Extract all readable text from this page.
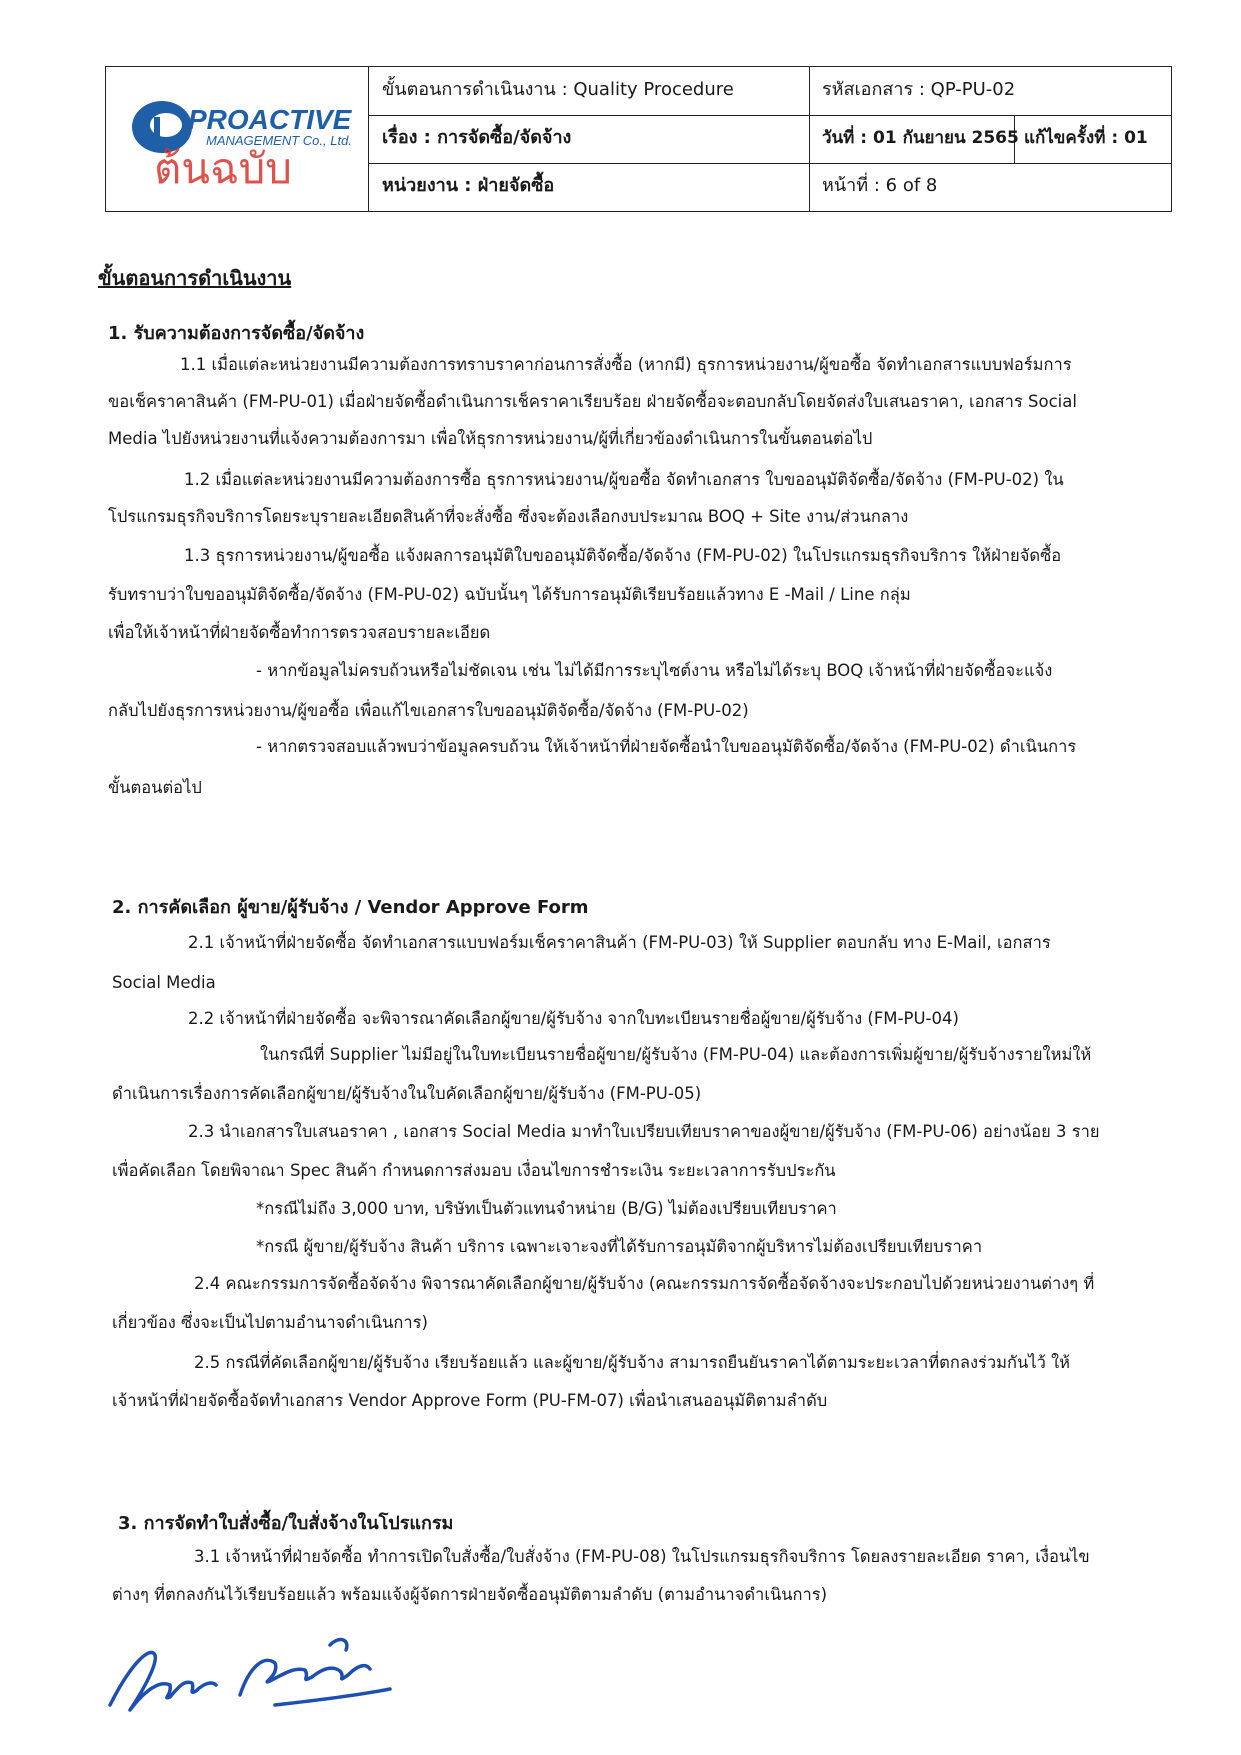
PROACTIVE
MANAGEMENT Co., Ltd.
ต้นฉบับ
ขั้นตอนการดำเนินงาน : Quality Procedure	รหัสเอกสาร : QP-PU-02
เรื่อง : การจัดซื้อ/จัดจ้าง	วันที่ : 01 กันยายน 2565 แก้ไขครั้งที่ : 01
หน่วยงาน : ฝ่ายจัดซื้อ	หน้าที่ : 6 of 8
ขั้นตอนการดำเนินงาน
1. รับความต้องการจัดซื้อ/จัดจ้าง
1.1 เมื่อแต่ละหน่วยงานมีความต้องการทราบราคาก่อนการสั่งซื้อ (หากมี) ธุรการหน่วยงาน/ผู้ขอซื้อ จัดทำเอกสารแบบฟอร์มการ
ขอเช็คราคาสินค้า (FM-PU-01) เมื่อฝ่ายจัดซื้อดำเนินการเช็คราคาเรียบร้อย ฝ่ายจัดซื้อจะตอบกลับโดยจัดส่งใบเสนอราคา, เอกสาร Social
Media ไปยังหน่วยงานที่แจ้งความต้องการมา เพื่อให้ธุรการหน่วยงาน/ผู้ที่เกี่ยวข้องดำเนินการในขั้นตอนต่อไป
1.2 เมื่อแต่ละหน่วยงานมีความต้องการซื้อ ธุรการหน่วยงาน/ผู้ขอซื้อ จัดทำเอกสาร ใบขออนุมัติจัดซื้อ/จัดจ้าง (FM-PU-02) ใน
โปรแกรมธุรกิจบริการโดยระบุรายละเอียดสินค้าที่จะสั่งซื้อ ซึ่งจะต้องเลือกงบประมาณ BOQ + Site งาน/ส่วนกลาง
1.3 ธุรการหน่วยงาน/ผู้ขอซื้อ แจ้งผลการอนุมัติใบขออนุมัติจัดซื้อ/จัดจ้าง (FM-PU-02) ในโปรแกรมธุรกิจบริการ ให้ฝ่ายจัดซื้อ
รับทราบว่าใบขออนุมัติจัดซื้อ/จัดจ้าง (FM-PU-02) ฉบับนั้นๆ ได้รับการอนุมัติเรียบร้อยแล้วทาง E -Mail / Line กลุ่ม
เพื่อให้เจ้าหน้าที่ฝ่ายจัดซื้อทำการตรวจสอบรายละเอียด
- หากข้อมูลไม่ครบถ้วนหรือไม่ชัดเจน เช่น ไม่ได้มีการระบุไซต์งาน หรือไม่ได้ระบุ BOQ เจ้าหน้าที่ฝ่ายจัดซื้อจะแจ้ง
กลับไปยังธุรการหน่วยงาน/ผู้ขอซื้อ เพื่อแก้ไขเอกสารใบขออนุมัติจัดซื้อ/จัดจ้าง (FM-PU-02)
- หากตรวจสอบแล้วพบว่าข้อมูลครบถ้วน ให้เจ้าหน้าที่ฝ่ายจัดซื้อนำใบขออนุมัติจัดซื้อ/จัดจ้าง (FM-PU-02) ดำเนินการ
ขั้นตอนต่อไป
2. การคัดเลือก ผู้ขาย/ผู้รับจ้าง / Vendor Approve Form
2.1 เจ้าหน้าที่ฝ่ายจัดซื้อ จัดทำเอกสารแบบฟอร์มเช็คราคาสินค้า (FM-PU-03) ให้ Supplier ตอบกลับ ทาง E-Mail, เอกสาร
Social Media
2.2 เจ้าหน้าที่ฝ่ายจัดซื้อ จะพิจารณาคัดเลือกผู้ขาย/ผู้รับจ้าง จากใบทะเบียนรายชื่อผู้ขาย/ผู้รับจ้าง (FM-PU-04)
ในกรณีที่ Supplier ไม่มีอยู่ในใบทะเบียนรายชื่อผู้ขาย/ผู้รับจ้าง (FM-PU-04) และต้องการเพิ่มผู้ขาย/ผู้รับจ้างรายใหม่ให้
ดำเนินการเรื่องการคัดเลือกผู้ขาย/ผู้รับจ้างในใบคัดเลือกผู้ขาย/ผู้รับจ้าง (FM-PU-05)
2.3 นำเอกสารใบเสนอราคา , เอกสาร Social Media มาทำใบเปรียบเทียบราคาของผู้ขาย/ผู้รับจ้าง (FM-PU-06) อย่างน้อย 3 ราย
เพื่อคัดเลือก โดยพิจาณา Spec สินค้า กำหนดการส่งมอบ เงื่อนไขการชำระเงิน ระยะเวลาการรับประกัน
*กรณีไม่ถึง 3,000 บาท, บริษัทเป็นตัวแทนจำหน่าย (B/G) ไม่ต้องเปรียบเทียบราคา
*กรณี ผู้ขาย/ผู้รับจ้าง สินค้า บริการ เฉพาะเจาะจงที่ได้รับการอนุมัติจากผู้บริหารไม่ต้องเปรียบเทียบราคา
2.4 คณะกรรมการจัดซื้อจัดจ้าง พิจารณาคัดเลือกผู้ขาย/ผู้รับจ้าง (คณะกรรมการจัดซื้อจัดจ้างจะประกอบไปด้วยหน่วยงานต่างๆ ที่
เกี่ยวข้อง ซึ่งจะเป็นไปตามอำนาจดำเนินการ)
2.5 กรณีที่คัดเลือกผู้ขาย/ผู้รับจ้าง เรียบร้อยแล้ว และผู้ขาย/ผู้รับจ้าง สามารถยืนยันราคาได้ตามระยะเวลาที่ตกลงร่วมกันไว้ ให้
เจ้าหน้าที่ฝ่ายจัดซื้อจัดทำเอกสาร Vendor Approve Form (PU-FM-07) เพื่อนำเสนออนุมัติตามลำดับ
3. การจัดทำใบสั่งซื้อ/ใบสั่งจ้างในโปรแกรม
3.1 เจ้าหน้าที่ฝ่ายจัดซื้อ ทำการเปิดใบสั่งซื้อ/ใบสั่งจ้าง (FM-PU-08) ในโปรแกรมธุรกิจบริการ โดยลงรายละเอียด ราคา, เงื่อนไข
ต่างๆ ที่ตกลงกันไว้เรียบร้อยแล้ว พร้อมแจ้งผู้จัดการฝ่ายจัดซื้ออนุมัติตามลำดับ (ตามอำนาจดำเนินการ)
